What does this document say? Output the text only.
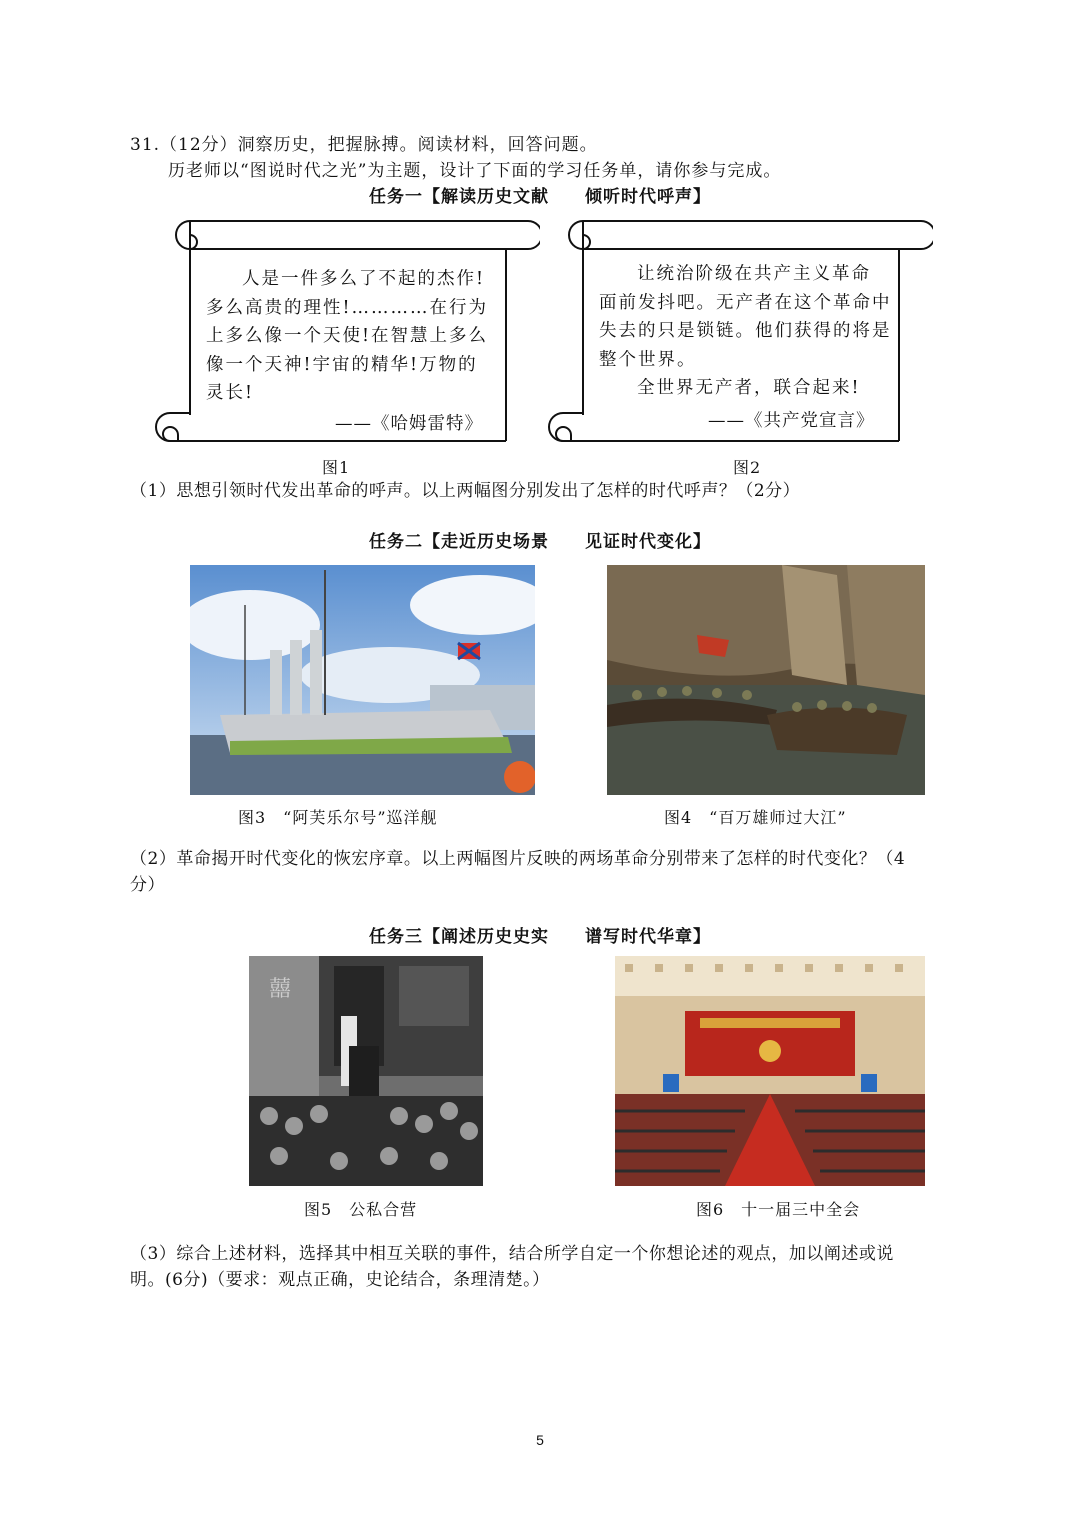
31.（12分）洞察历史，把握脉搏。阅读材料，回答问题。
历老师以“图说时代之光”为主题，设计了下面的学习任务单，请你参与完成。
任务一【解读历史文献　　倾听时代呼声】
人是一件多么了不起的杰作!
多么高贵的理性!…………在行为
上多么像一个天使!在智慧上多么
像一个天神!宇宙的精华!万物的
灵长!
——《哈姆雷特》
让统治阶级在共产主义革命
面前发抖吧。无产者在这个革命中
失去的只是锁链。他们获得的将是
整个世界。
全世界无产者，联合起来!
——《共产党宣言》
图1	图2
（1）思想引领时代发出革命的呼声。以上两幅图分别发出了怎样的时代呼声？（2分）
任务二【走近历史场景　　见证时代变化】
图3　“阿芙乐尔号”巡洋舰	图4　“百万雄师过大江”
（2）革命揭开时代变化的恢宏序章。以上两幅图片反映的两场革命分别带来了怎样的时代变化？（4
分）
任务三【阐述历史史实　　谱写时代华章】
囍
图5　公私合营	图6　十一届三中全会
（3）综合上述材料，选择其中相互关联的事件，结合所学自定一个你想论述的观点，加以阐述或说
明。(6分)（要求：观点正确，史论结合，条理清楚。）
5
